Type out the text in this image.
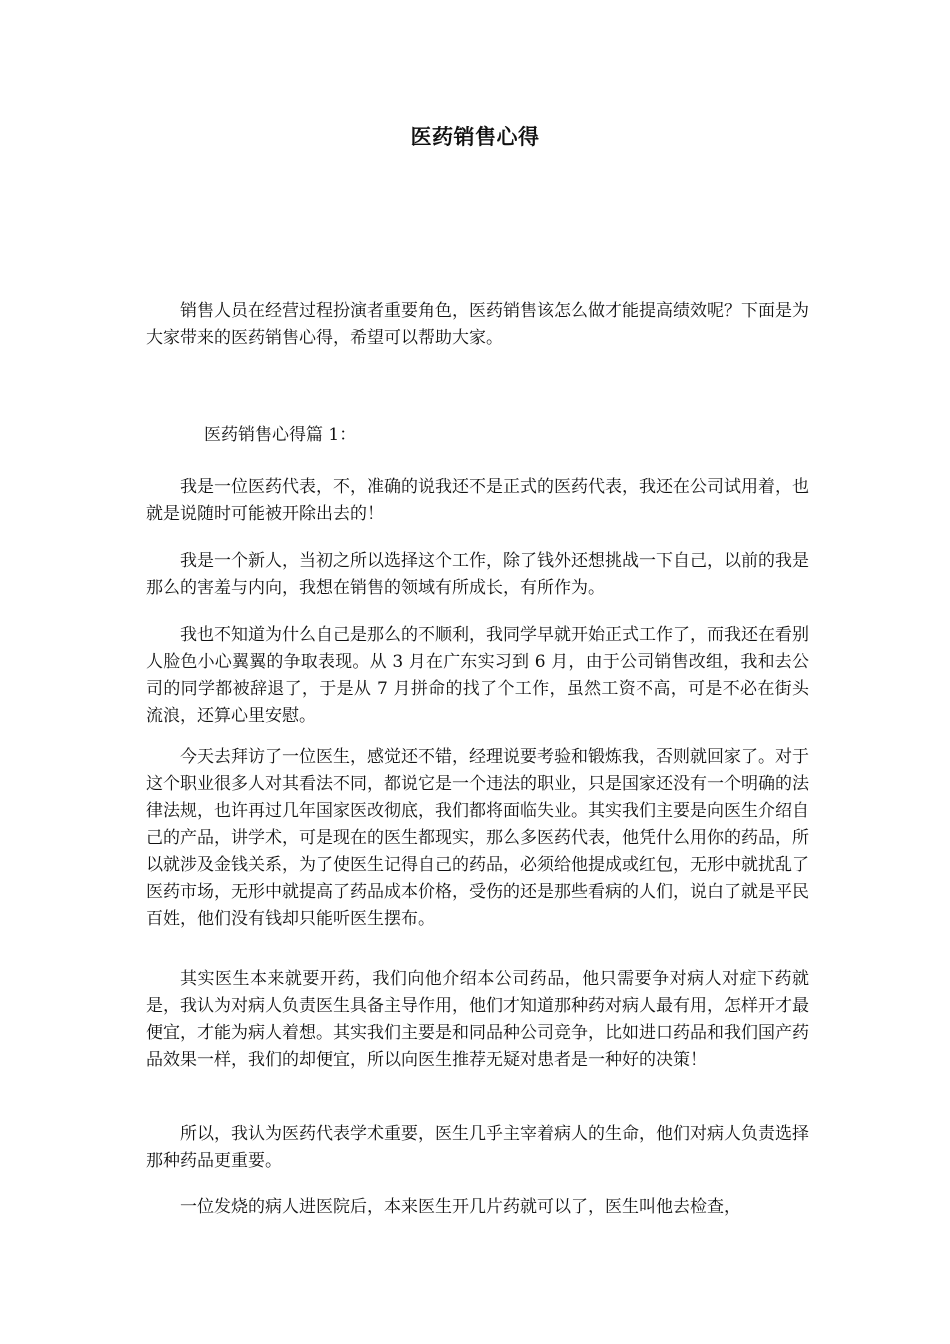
医药销售心得

销售人员在经营过程扮演者重要角色，医药销售该怎么做才能提高绩效呢？下面是为大家带来的医药销售心得，希望可以帮助大家。

医药销售心得篇 1：

我是一位医药代表，不，准确的说我还不是正式的医药代表，我还在公司试用着，也就是说随时可能被开除出去的！

我是一个新人，当初之所以选择这个工作，除了钱外还想挑战一下自己，以前的我是那么的害羞与内向，我想在销售的领域有所成长，有所作为。

我也不知道为什么自己是那么的不顺利，我同学早就开始正式工作了，而我还在看别人脸色小心翼翼的争取表现。从 3 月在广东实习到 6 月，由于公司销售改组，我和去公司的同学都被辞退了，于是从 7 月拼命的找了个工作，虽然工资不高，可是不必在街头流浪，还算心里安慰。

今天去拜访了一位医生，感觉还不错，经理说要考验和锻炼我，否则就回家了。对于这个职业很多人对其看法不同，都说它是一个违法的职业，只是国家还没有一个明确的法律法规，也许再过几年国家医改彻底，我们都将面临失业。其实我们主要是向医生介绍自己的产品，讲学术，可是现在的医生都现实，那么多医药代表，他凭什么用你的药品，所以就涉及金钱关系，为了使医生记得自己的药品，必须给他提成或红包，无形中就扰乱了医药市场，无形中就提高了药品成本价格，受伤的还是那些看病的人们，说白了就是平民百姓，他们没有钱却只能听医生摆布。

其实医生本来就要开药，我们向他介绍本公司药品，他只需要争对病人对症下药就是，我认为对病人负责医生具备主导作用，他们才知道那种药对病人最有用，怎样开才最便宜，才能为病人着想。其实我们主要是和同品种公司竞争，比如进口药品和我们国产药品效果一样，我们的却便宜，所以向医生推荐无疑对患者是一种好的决策！

所以，我认为医药代表学术重要，医生几乎主宰着病人的生命，他们对病人负责选择那种药品更重要。

一位发烧的病人进医院后，本来医生开几片药就可以了，医生叫他去检查，
